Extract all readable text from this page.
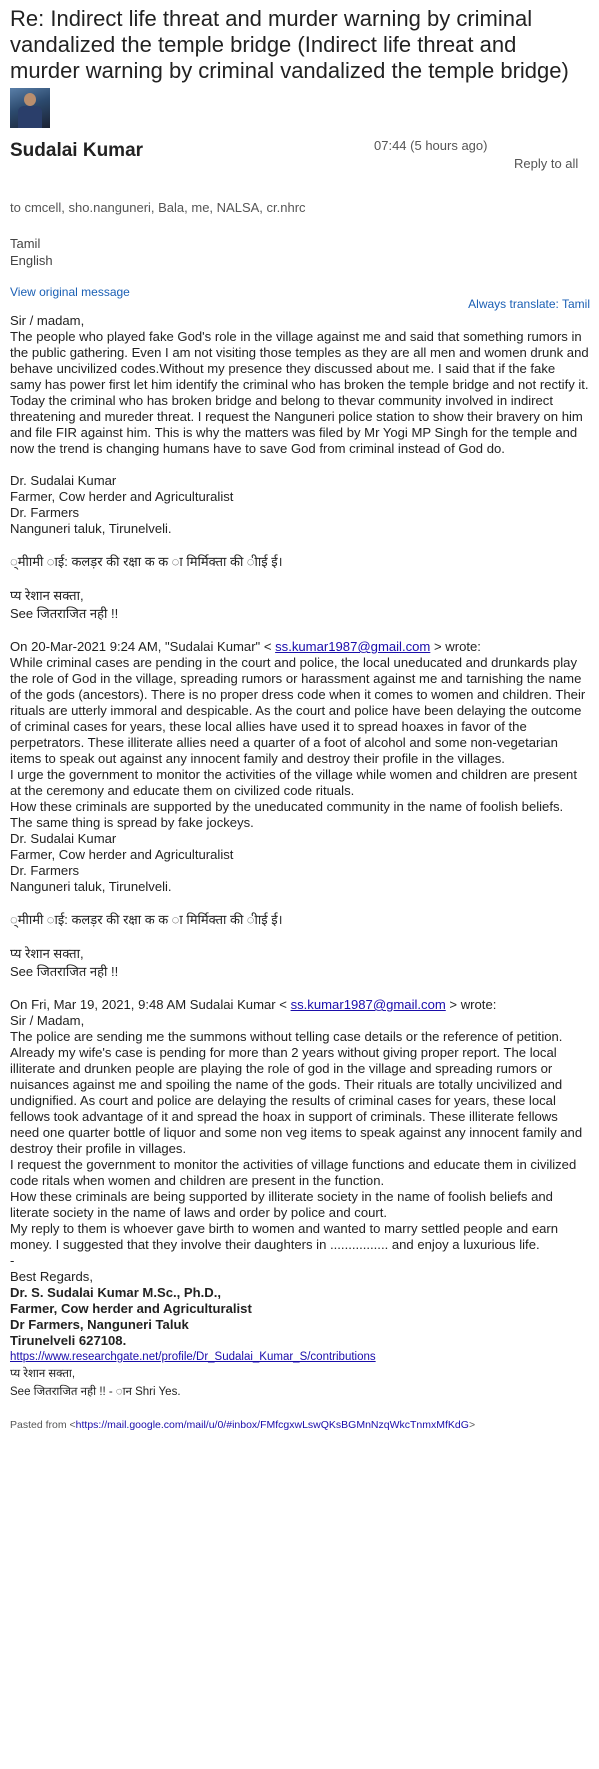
Re: Indirect life threat and murder warning by criminal vandalized the temple bridge (Indirect life threat and murder warning by criminal vandalized the temple bridge)
Sudalai Kumar	07:44 (5 hours ago)
Reply to all
to cmcell, sho.nanguneri, Bala, me, NALSA, cr.nhrc
Tamil
English
View original message
Always translate: Tamil

Sir / madam,

The people who played fake God's role in the village against me and said that something rumors in the public gathering. Even I am not visiting those temples as they are all men and women drunk and behave uncivilized codes.Without my presence they discussed about me. I said that if the fake samy has power first let him identify the criminal who has broken the temple bridge and not rectify it.

Today the criminal who has broken bridge and belong to thevar community involved in indirect threatening and mureder threat. I request the Nanguneri police station to show their bravery on him and file FIR against him. This is why the matters was filed by Mr Yogi MP Singh for the temple and now the trend is changing humans have to save God from criminal instead of God do.

Dr. Sudalai Kumar

Farmer, Cow herder and Agriculturalist

Dr. Farmers

Nanguneri taluk, Tirunelveli.

्मीामी ाई: कलड़र की रक्षा क क ा मिर्मिक्ता की ीाई ई।

प्य रेशान सक्ता,

See जितराजित नही !!

On 20-Mar-2021 9:24 AM, "Sudalai Kumar" < ss.kumar1987@gmail.com > wrote:

While criminal cases are pending in the court and police, the local uneducated and drunkards play the role of God in the village, spreading rumors or harassment against me and tarnishing the name of the gods (ancestors). There is no proper dress code when it comes to women and children. Their rituals are utterly immoral and despicable. As the court and police have been delaying the outcome of criminal cases for years, these local allies have used it to spread hoaxes in favor of the perpetrators. These illiterate allies need a quarter of a foot of alcohol and some non-vegetarian items to speak out against any innocent family and destroy their profile in the villages.

I urge the government to monitor the activities of the village while women and children are present at the ceremony and educate them on civilized code rituals.

How these criminals are supported by the uneducated community in the name of foolish beliefs.

The same thing is spread by fake jockeys.

Dr. Sudalai Kumar

Farmer, Cow herder and Agriculturalist

Dr. Farmers

Nanguneri taluk, Tirunelveli.

्मीामी ाई: कलड़र की रक्षा क क ा मिर्मिक्ता की ीाई ई।

प्य रेशान सक्ता,

See जितराजित नही !!

On Fri, Mar 19, 2021, 9:48 AM Sudalai Kumar < ss.kumar1987@gmail.com > wrote:

Sir / Madam,

The police are sending me the summons without telling case details or the reference of petition. Already my wife's case is pending for more than 2 years without giving proper report. The local illiterate and drunken people are playing the role of god in the village and spreading rumors or nuisances against me and spoiling the name of the gods. Their rituals are totally uncivilized and undignified. As court and police are delaying the results of criminal cases for years, these local fellows took advantage of it and spread the hoax in support of criminals. These illiterate fellows need one quarter bottle of liquor and some non veg items to speak against any innocent family and destroy their profile in villages.

I request the government to monitor the activities of village functions and educate them in civilized code ritals when women and children are present in the function.

How these criminals are being supported by illiterate society in the name of foolish beliefs and literate society in the name of laws and order by police and court.

My reply to them is whoever gave birth to women and wanted to marry settled people and earn money. I suggested that they involve their daughters in ................ and enjoy a luxurious life.

-

Best Regards,

Dr. S. Sudalai Kumar M.Sc., Ph.D.,

Farmer, Cow herder and Agriculturalist

Dr Farmers, Nanguneri Taluk

Tirunelveli 627108.

https://www.researchgate.net/profile/Dr_Sudalai_Kumar_S/contributions

प्य रेशान सक्ता,

See जितराजित नही !! - ान Shri Yes.

Pasted from <https://mail.google.com/mail/u/0/#inbox/FMfcgxwLswQKsBGMnNzqWkcTnmxMfKdG>
